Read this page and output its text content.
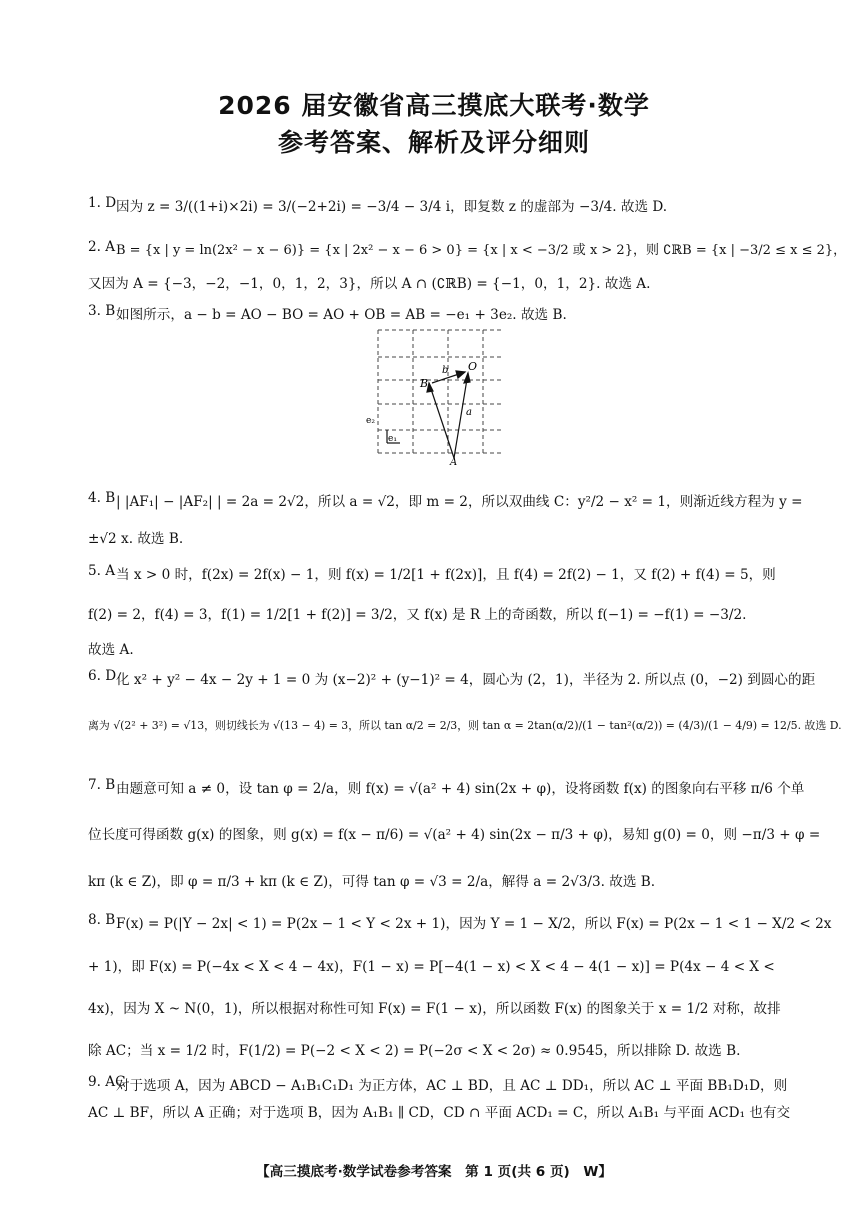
2026 届安徽省高三摸底大联考·数学
参考答案、解析及评分细则
1. D 因为 z = 3/((1+i)×2i) = 3/(−2+2i) = −3/4 − 3/4 i，即复数 z 的虚部为 −3/4. 故选 D.
2. A B = {x | y = ln(2x² − x − 6)} = {x | 2x² − x − 6 > 0} = {x | x < −3/2 或 x > 2}，则 ∁ℝB = {x | −3/2 ≤ x ≤ 2}，
又因为 A = {−3，−2，−1，0，1，2，3}，所以 A ∩ (∁ℝB) = {−1，0，1，2}. 故选 A.
3. B 如图所示，a − b = AO − BO = AO + OB = AB = −e₁ + 3e₂. 故选 B.
O
B
A
a
b
e₂
e₁
4. B | |AF₁| − |AF₂| | = 2a = 2√2，所以 a = √2，即 m = 2，所以双曲线 C：y²/2 − x² = 1，则渐近线方程为 y =
±√2 x. 故选 B.
5. A 当 x > 0 时，f(2x) = 2f(x) − 1，则 f(x) = 1/2[1 + f(2x)]，且 f(4) = 2f(2) − 1，又 f(2) + f(4) = 5，则
f(2) = 2，f(4) = 3，f(1) = 1/2[1 + f(2)] = 3/2，又 f(x) 是 R 上的奇函数，所以 f(−1) = −f(1) = −3/2.
故选 A.
6. D 化 x² + y² − 4x − 2y + 1 = 0 为 (x−2)² + (y−1)² = 4，圆心为 (2，1)，半径为 2. 所以点 (0，−2) 到圆心的距
离为 √(2² + 3²) = √13，则切线长为 √(13 − 4) = 3，所以 tan α/2 = 2/3，则 tan α = 2tan(α/2)/(1 − tan²(α/2)) = (4/3)/(1 − 4/9) = 12/5. 故选 D.
7. B 由题意可知 a ≠ 0，设 tan φ = 2/a，则 f(x) = √(a² + 4) sin(2x + φ)，设将函数 f(x) 的图象向右平移 π/6 个单
位长度可得函数 g(x) 的图象，则 g(x) = f(x − π/6) = √(a² + 4) sin(2x − π/3 + φ)，易知 g(0) = 0，则 −π/3 + φ =
kπ (k ∈ Z)，即 φ = π/3 + kπ (k ∈ Z)，可得 tan φ = √3 = 2/a，解得 a = 2√3/3. 故选 B.
8. B F(x) = P(|Y − 2x| < 1) = P(2x − 1 < Y < 2x + 1)，因为 Y = 1 − X/2，所以 F(x) = P(2x − 1 < 1 − X/2 < 2x
+ 1)，即 F(x) = P(−4x < X < 4 − 4x)，F(1 − x) = P[−4(1 − x) < X < 4 − 4(1 − x)] = P(4x − 4 < X <
4x)，因为 X ~ N(0，1)，所以根据对称性可知 F(x) = F(1 − x)，所以函数 F(x) 的图象关于 x = 1/2 对称，故排
除 AC；当 x = 1/2 时，F(1/2) = P(−2 < X < 2) = P(−2σ < X < 2σ) ≈ 0.9545，所以排除 D. 故选 B.
9. AC
对于选项 A，因为 ABCD − A₁B₁C₁D₁ 为正方体，AC ⊥ BD，且 AC ⊥ DD₁，所以 AC ⊥ 平面 BB₁D₁D，则
AC ⊥ BF，所以 A 正确；对于选项 B，因为 A₁B₁ ∥ CD，CD ∩ 平面 ACD₁ = C，所以 A₁B₁ 与平面 ACD₁ 也有交
【高三摸底考·数学试卷参考答案　第 1 页(共 6 页)　W】
